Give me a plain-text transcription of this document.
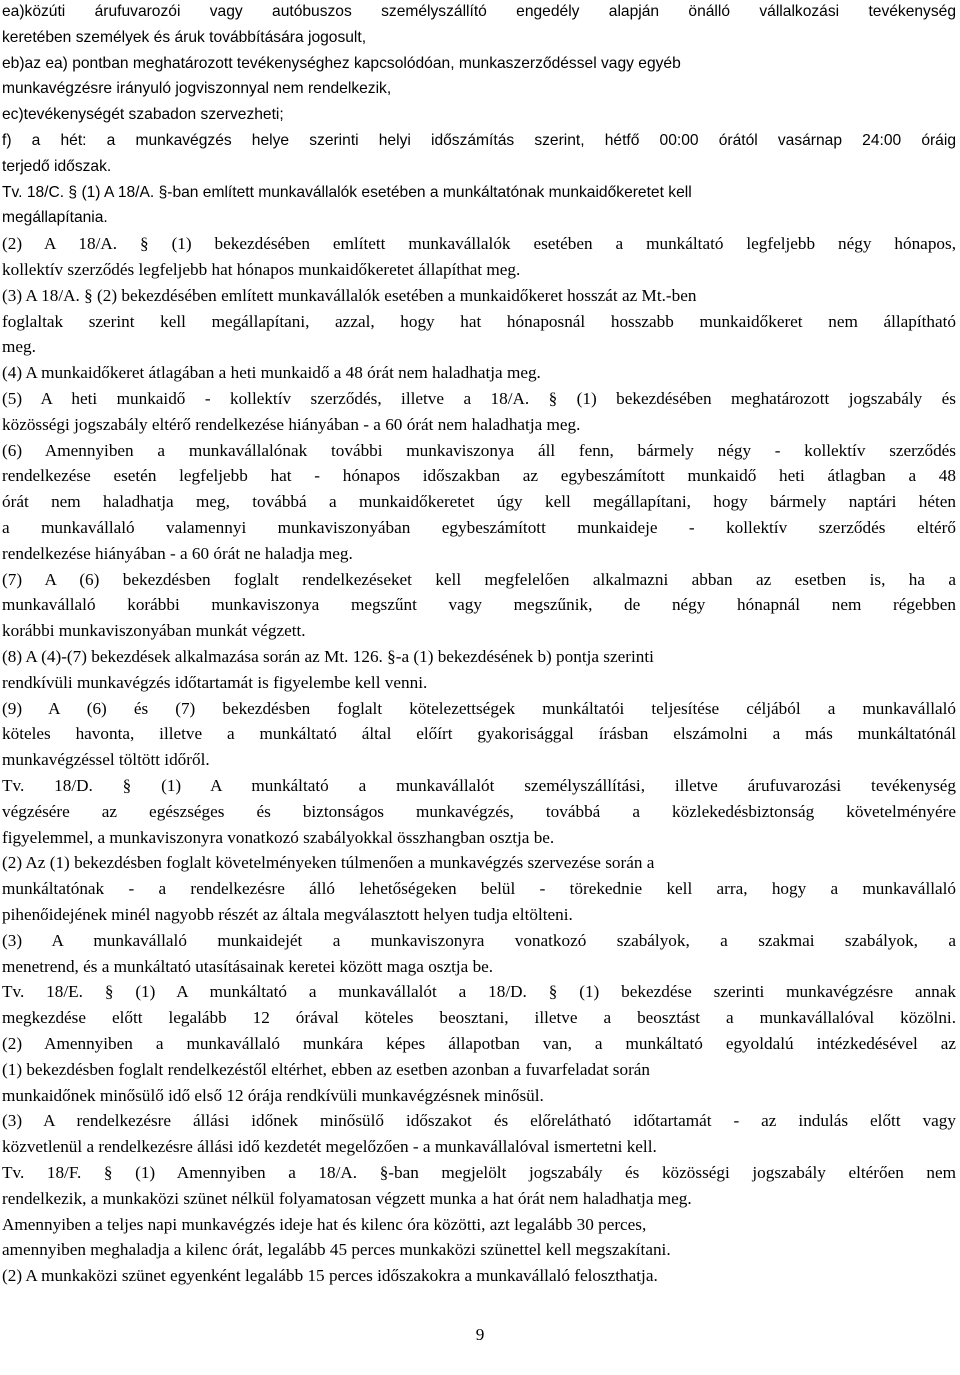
ea)közúti árufuvarozói vagy autóbuszos személyszállító engedély alapján önálló vállalkozási tevékenység
keretében személyek és áruk továbbítására jogosult,
eb)az ea) pontban meghatározott tevékenységhez kapcsolódóan, munkaszerződéssel vagy egyéb
munkavégzésre irányuló jogviszonnyal nem rendelkezik,
ec)tevékenységét szabadon szervezheti;
f) a hét: a munkavégzés helye szerinti helyi időszámítás szerint, hétfő 00:00 órától vasárnap 24:00 óráig
terjedő időszak.
Tv. 18/C. § (1) A 18/A. §-ban említett munkavállalók esetében a munkáltatónak munkaidőkeretet kell
megállapítania.
(2) A 18/A. § (1) bekezdésében említett munkavállalók esetében a munkáltató legfeljebb négy hónapos,
kollektív szerződés legfeljebb hat hónapos munkaidőkeretet állapíthat meg.
(3) A 18/A. § (2) bekezdésében említett munkavállalók esetében a munkaidőkeret hosszát az Mt.-ben
foglaltak szerint kell megállapítani, azzal, hogy hat hónaposnál hosszabb munkaidőkeret nem állapítható
meg.
(4) A munkaidőkeret átlagában a heti munkaidő a 48 órát nem haladhatja meg.
(5) A heti munkaidő - kollektív szerződés, illetve a 18/A. § (1) bekezdésében meghatározott jogszabály és
közösségi jogszabály eltérő rendelkezése hiányában - a 60 órát nem haladhatja meg.
(6) Amennyiben a munkavállalónak további munkaviszonya áll fenn, bármely négy - kollektív szerződés
rendelkezése esetén legfeljebb hat - hónapos időszakban az egybeszámított munkaidő heti átlagban a 48
órát nem haladhatja meg, továbbá a munkaidőkeretet úgy kell megállapítani, hogy bármely naptári héten
a munkavállaló valamennyi munkaviszonyában egybeszámított munkaideje - kollektív szerződés eltérő
rendelkezése hiányában - a 60 órát ne haladja meg.
(7) A (6) bekezdésben foglalt rendelkezéseket kell megfelelően alkalmazni abban az esetben is, ha a
munkavállaló korábbi munkaviszonya megszűnt vagy megszűnik, de négy hónapnál nem régebben
korábbi munkaviszonyában munkát végzett.
(8) A (4)-(7) bekezdések alkalmazása során az Mt. 126. §-a (1) bekezdésének b) pontja szerinti
rendkívüli munkavégzés időtartamát is figyelembe kell venni.
(9) A (6) és (7) bekezdésben foglalt kötelezettségek munkáltatói teljesítése céljából a munkavállaló
köteles havonta, illetve a munkáltató által előírt gyakorisággal írásban elszámolni a más munkáltatónál
munkavégzéssel töltött időről.
Tv. 18/D. § (1) A munkáltató a munkavállalót személyszállítási, illetve árufuvarozási tevékenység
végzésére az egészséges és biztonságos munkavégzés, továbbá a közlekedésbiztonság követelményére
figyelemmel, a munkaviszonyra vonatkozó szabályokkal összhangban osztja be.
(2) Az (1) bekezdésben foglalt követelményeken túlmenően a munkavégzés szervezése során a
munkáltatónak - a rendelkezésre álló lehetőségeken belül - törekednie kell arra, hogy a munkavállaló
pihenőidejének minél nagyobb részét az általa megválasztott helyen tudja eltölteni.
(3) A munkavállaló munkaidejét a munkaviszonyra vonatkozó szabályok, a szakmai szabályok, a
menetrend, és a munkáltató utasításainak keretei között maga osztja be.
Tv. 18/E. § (1) A munkáltató a munkavállalót a 18/D. § (1) bekezdése szerinti munkavégzésre annak
megkezdése előtt legalább 12 órával köteles beosztani, illetve a beosztást a munkavállalóval közölni.
(2) Amennyiben a munkavállaló munkára képes állapotban van, a munkáltató egyoldalú intézkedésével az
(1) bekezdésben foglalt rendelkezéstől eltérhet, ebben az esetben azonban a fuvarfeladat során
munkaidőnek minősülő idő első 12 órája rendkívüli munkavégzésnek minősül.
(3) A rendelkezésre állási időnek minősülő időszakot és előrelátható időtartamát - az indulás előtt vagy
közvetlenül a rendelkezésre állási idő kezdetét megelőzően - a munkavállalóval ismertetni kell.
Tv. 18/F. § (1) Amennyiben a 18/A. §-ban megjelölt jogszabály és közösségi jogszabály eltérően nem
rendelkezik, a munkaközi szünet nélkül folyamatosan végzett munka a hat órát nem haladhatja meg.
Amennyiben a teljes napi munkavégzés ideje hat és kilenc óra közötti, azt legalább 30 perces,
amennyiben meghaladja a kilenc órát, legalább 45 perces munkaközi szünettel kell megszakítani.
(2) A munkaközi szünet egyenként legalább 15 perces időszakokra a munkavállaló feloszthatja.
9
